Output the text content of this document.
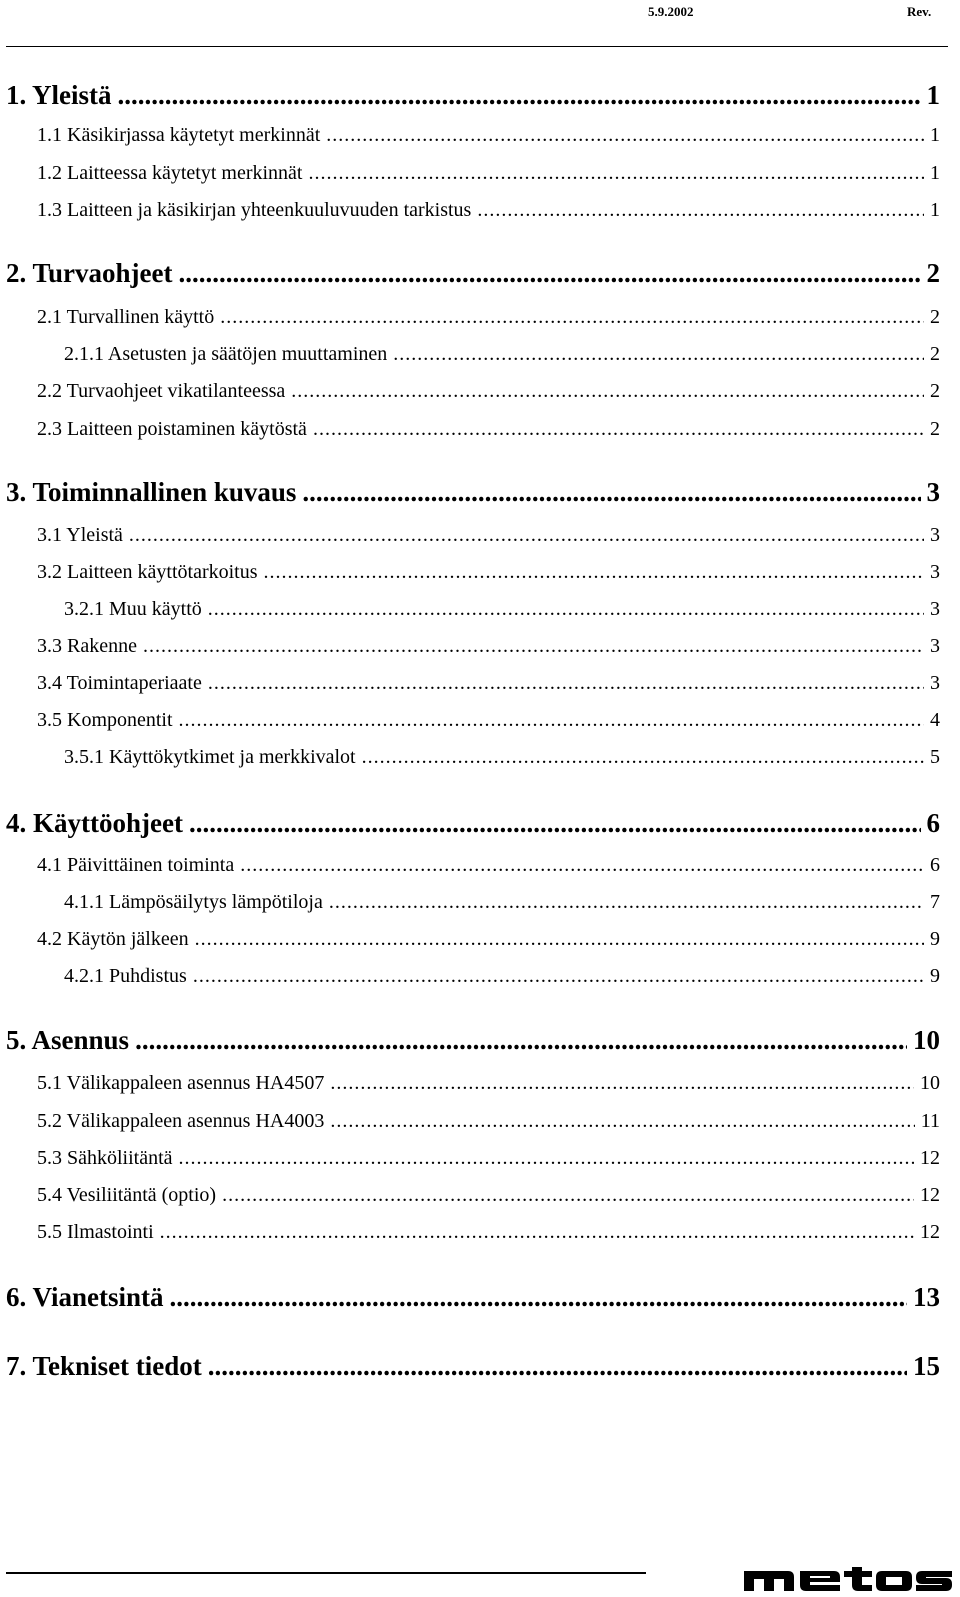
5.9.2002	Rev.
1. Yleistä .....	1
1.1 Käsikirjassa käytetyt merkinnät .....	1
1.2 Laitteessa käytetyt merkinnät .....	1
1.3 Laitteen ja käsikirjan yhteenkuuluvuuden tarkistus .....	1
2. Turvaohjeet .....	2
2.1 Turvallinen käyttö .....	2
2.1.1 Asetusten ja säätöjen muuttaminen .....	2
2.2 Turvaohjeet vikatilanteessa .....	2
2.3 Laitteen poistaminen käytöstä .....	2
3. Toiminnallinen kuvaus .....	3
3.1 Yleistä .....	3
3.2 Laitteen käyttötarkoitus .....	3
3.2.1 Muu käyttö .....	3
3.3 Rakenne .....	3
3.4 Toimintaperiaate .....	3
3.5 Komponentit .....	4
3.5.1 Käyttökytkimet ja merkkivalot .....	5
4. Käyttöohjeet .....	6
4.1 Päivittäinen toiminta .....	6
4.1.1 Lämpösäilytys lämpötiloja .....	7
4.2 Käytön jälkeen .....	9
4.2.1 Puhdistus .....	9
5. Asennus .....	10
5.1 Välikappaleen asennus HA4507 .....	10
5.2 Välikappaleen asennus HA4003 .....	11
5.3 Sähköliitäntä .....	12
5.4 Vesiliitäntä (optio) .....	12
5.5 Ilmastointi .....	12
6. Vianetsintä .....	13
7. Tekniset tiedot .....	15
